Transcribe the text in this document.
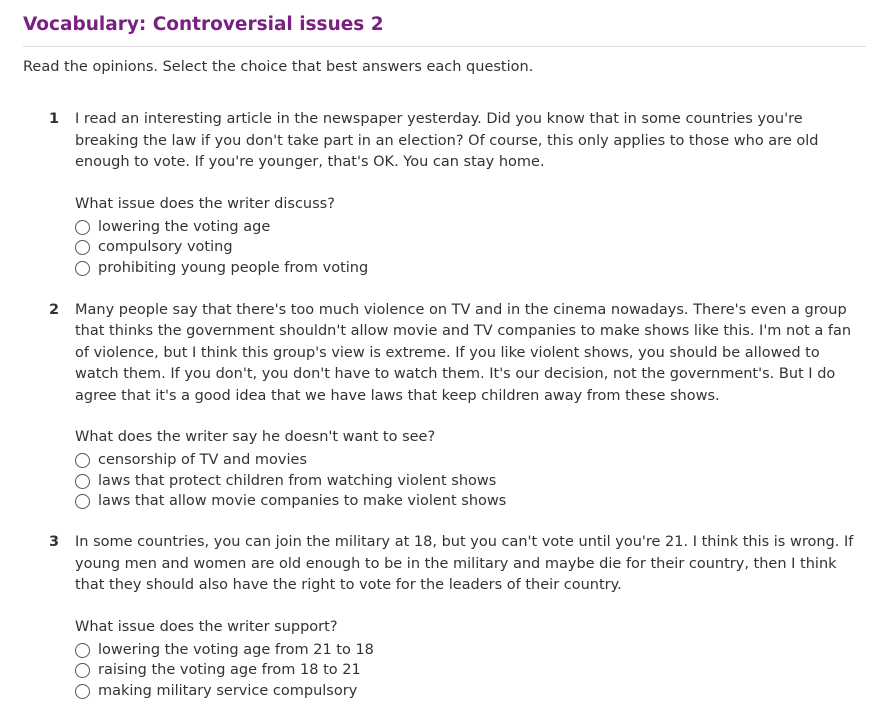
Vocabulary: Controversial issues 2

Read the opinions. Select the choice that best answers each question.

1 I read an interesting article in the newspaper yesterday. Did you know that in some countries you're breaking the law if you don't take part in an election? Of course, this only applies to those who are old enough to vote. If you're younger, that's OK. You can stay home.

What issue does the writer discuss?

lowering the voting age
compulsory voting
prohibiting young people from voting
2 Many people say that there's too much violence on TV and in the cinema nowadays. There's even a group that thinks the government shouldn't allow movie and TV companies to make shows like this. I'm not a fan of violence, but I think this group's view is extreme. If you like violent shows, you should be allowed to watch them. If you don't, you don't have to watch them. It's our decision, not the government's. But I do agree that it's a good idea that we have laws that keep children away from these shows.

What does the writer say he doesn't want to see?

censorship of TV and movies
laws that protect children from watching violent shows
laws that allow movie companies to make violent shows
3 In some countries, you can join the military at 18, but you can't vote until you're 21. I think this is wrong. If young men and women are old enough to be in the military and maybe die for their country, then I think that they should also have the right to vote for the leaders of their country.

What issue does the writer support?

lowering the voting age from 21 to 18
raising the voting age from 18 to 21
making military service compulsory
